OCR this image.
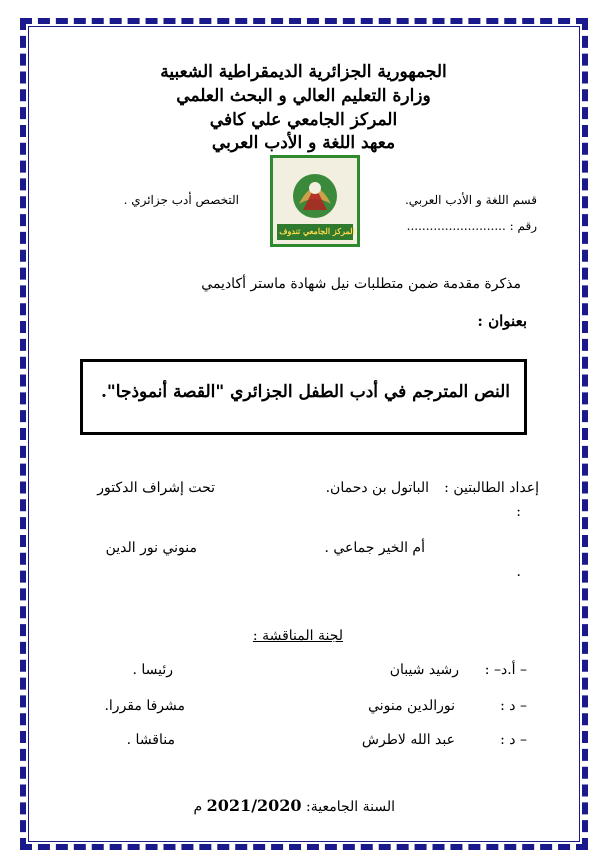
الجمهورية الجزائرية الديمقراطية الشعبية
وزارة التعليم العالي و البحث العلمي
المركز الجامعي علي كافي
معهد اللغة و الأدب العربي
قسم اللغة و الأدب العربي.
رقم : ..........................
التخصص أدب جزائري .
المركز الجامعي تندوف
مذكرة مقدمة ضمن متطلبات نيل شهادة ماستر أكاديمي
بعنوان :
النص المترجم في أدب الطفل الجزائري "القصة أنموذجا".
إعداد الطالبتين :
:
الباتول بن دحمان.
أم الخير جماعي .
.
تحت إشراف الدكتور
منوني نور الدين
لجنة المناقشة :
– أ.د– :
رشيد شيبان
رئيسا .
– د :
نورالدين منوني
مشرفا مقررا.
– د :
عبد الله لاطرش
مناقشا .
السنة الجامعية: 2021/2020 م
